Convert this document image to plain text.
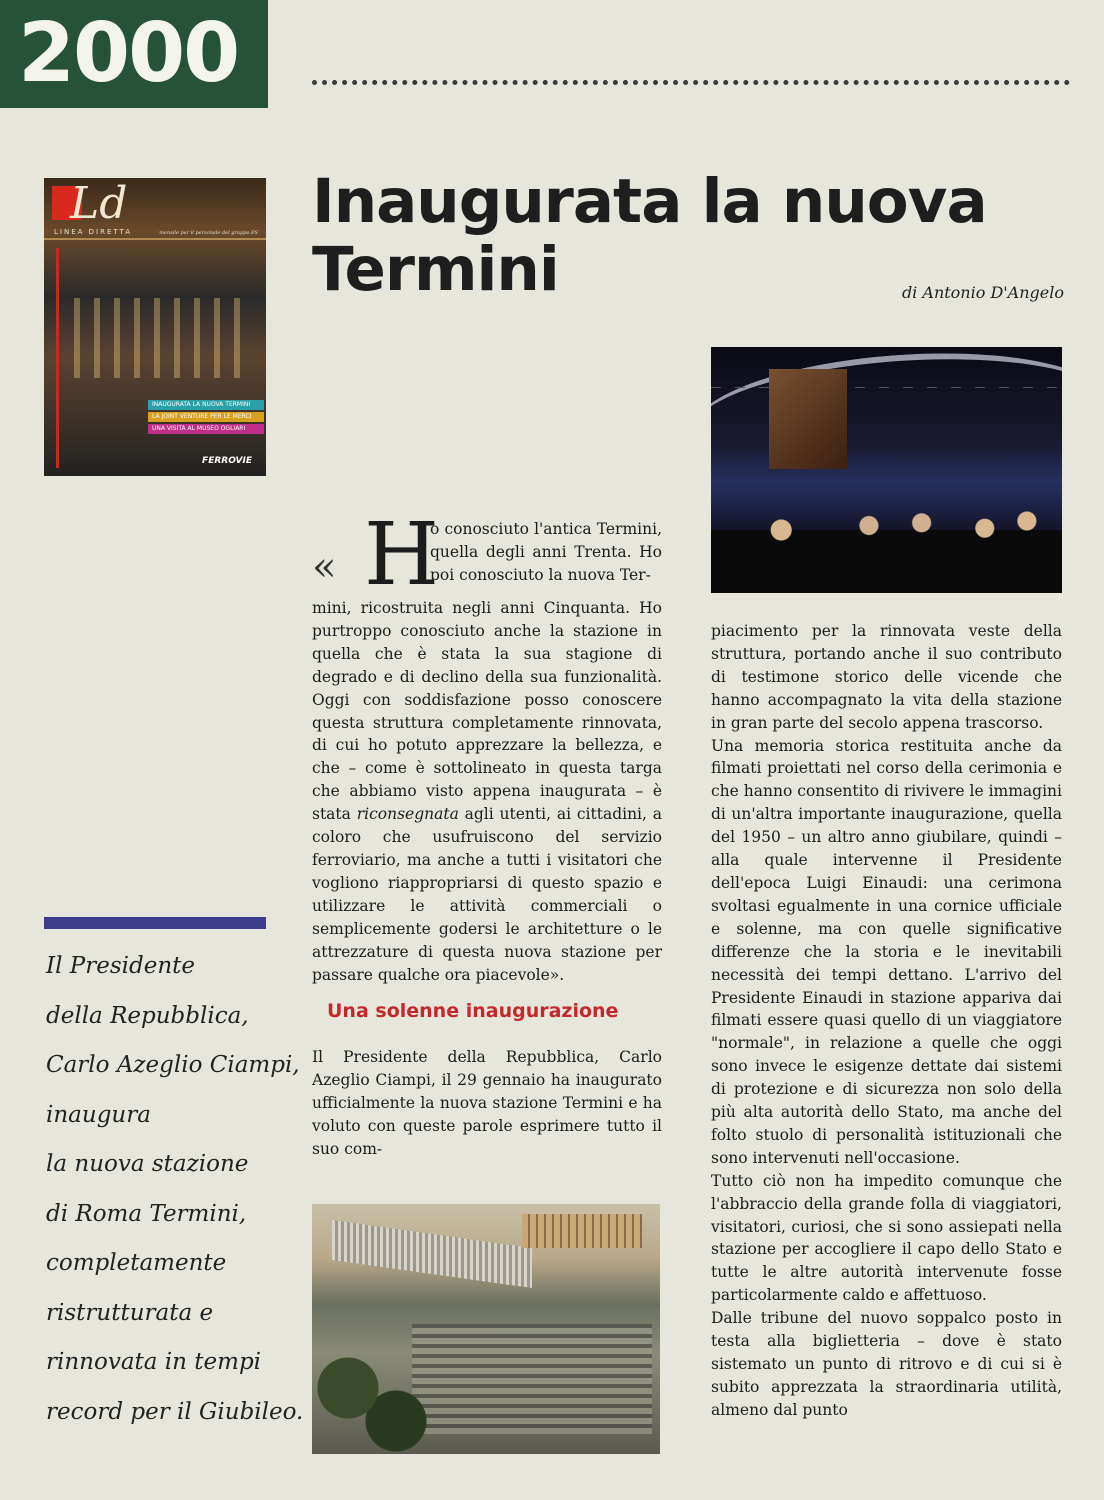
2000
Ld
LINEA DIRETTA	mensile per il personale del gruppo FS
INAUGURATA LA NUOVA TERMINI
LA JOINT VENTURE PER LE MERCI
UNA VISITA AL MUSEO OGLIARI
FERROVIE
Inaugurata la nuova
Termini	di Antonio D'Angelo
« H
o conosciuto l'antica Termini, quella degli anni Trenta. Ho poi conosciuto la nuova Ter-

mini, ricostruita negli anni Cinquanta. Ho purtroppo conosciuto anche la stazione in quella che è stata la sua stagione di degrado e di declino della sua funzionalità. Oggi con soddisfazione posso conoscere questa struttura completamente rinnovata, di cui ho potuto apprezzare la bellezza, e che – come è sottolineato in questa targa che abbiamo visto appena inaugurata – è stata riconsegnata agli utenti, ai cittadini, a coloro che usufruiscono del servizio ferroviario, ma anche a tutti i visitatori che vogliono riappropriarsi di questo spazio e utilizzare le attività commerciali o semplicemente godersi le architetture o le attrezzature di questa nuova stazione per passare qualche ora piacevole».

Una solenne inaugurazione

Il Presidente della Repubblica, Carlo Azeglio Ciampi, il 29 gennaio ha inaugurato ufficialmente la nuova stazione Termini e ha voluto con queste parole esprimere tutto il suo com-

piacimento per la rinnovata veste della struttura, portando anche il suo contributo di testimone storico delle vicende che hanno accompagnato la vita della stazione in gran parte del secolo appena trascorso.

Una memoria storica restituita anche da filmati proiettati nel corso della cerimonia e che hanno consentito di rivivere le immagini di un'altra importante inaugurazione, quella del 1950 – un altro anno giubilare, quindi – alla quale intervenne il Presidente dell'epoca Luigi Einaudi: una cerimona svoltasi egualmente in una cornice ufficiale e solenne, ma con quelle significative differenze che la storia e le inevitabili necessità dei tempi dettano. L'arrivo del Presidente Einaudi in stazione appariva dai filmati essere quasi quello di un viaggiatore "normale", in relazione a quelle che oggi sono invece le esigenze dettate dai sistemi di protezione e di sicurezza non solo della più alta autorità dello Stato, ma anche del folto stuolo di personalità istituzionali che sono intervenuti nell'occasione.

Tutto ciò non ha impedito comunque che l'abbraccio della grande folla di viaggiatori, visitatori, curiosi, che si sono assiepati nella stazione per accogliere il capo dello Stato e tutte le altre autorità intervenute fosse particolarmente caldo e affettuoso.

Dalle tribune del nuovo soppalco posto in testa alla biglietteria – dove è stato sistemato un punto di ritrovo e di cui si è subito apprezzata la straordinaria utilità, almeno dal punto

Il Presidente
della Repubblica,
Carlo Azeglio Ciampi,
inaugura
la nuova stazione
di Roma Termini,
completamente
ristrutturata e
rinnovata in tempi
record per il Giubileo.
